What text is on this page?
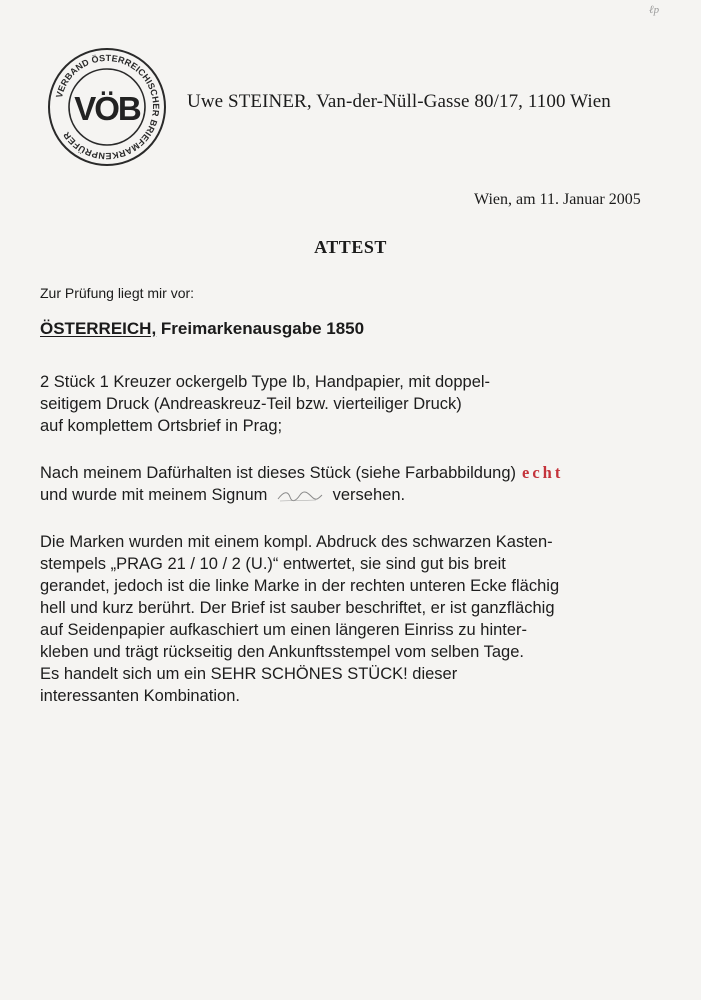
ℓp
VERBAND ÖSTERREICHISCHER BRIEFMARKENPRÜFER
VÖB Uwe STEINER, Van-der-Nüll-Gasse 80/17, 1100 Wien
Wien, am 11. Januar 2005
ATTEST
Zur Prüfung liegt mir vor:
ÖSTERREICH, Freimarkenausgabe 1850
2 Stück 1 Kreuzer ockergelb Type Ib, Handpapier, mit doppel-
seitigem Druck (Andreaskreuz-Teil bzw. vierteiliger Druck)
auf komplettem Ortsbrief in Prag;
Nach meinem Dafürhalten ist dieses Stück (siehe Farbabbildung) echt
und wurde mit meinem Signum	versehen.
Die Marken wurden mit einem kompl. Abdruck des schwarzen Kasten-
stempels „PRAG 21 / 10 / 2 (U.)“ entwertet, sie sind gut bis breit
gerandet, jedoch ist die linke Marke in der rechten unteren Ecke flächig
hell und kurz berührt. Der Brief ist sauber beschriftet, er ist ganzflächig
auf Seidenpapier aufkaschiert um einen längeren Einriss zu hinter-
kleben und trägt rückseitig den Ankunftsstempel vom selben Tage.
Es handelt sich um ein SEHR SCHÖNES STÜCK! dieser
interessanten Kombination.
